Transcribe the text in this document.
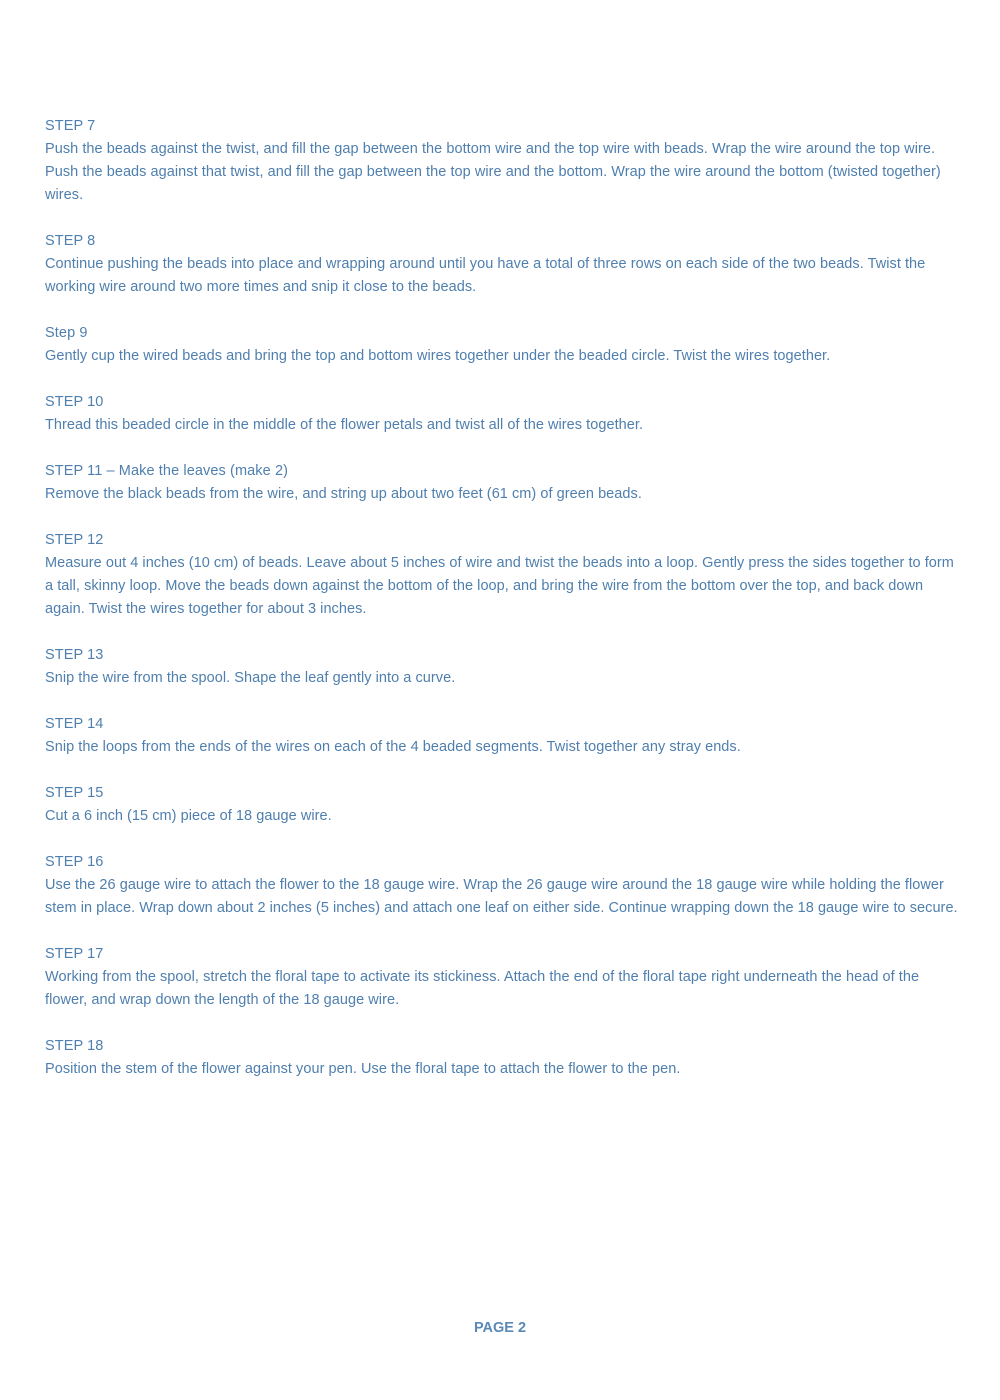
STEP 7
Push the beads against the twist, and fill the gap between the bottom wire and the top wire with beads. Wrap the wire around the top wire. Push the beads against that twist, and fill the gap between the top wire and the bottom. Wrap the wire around the bottom (twisted together) wires.
STEP 8
Continue pushing the beads into place and wrapping around until you have a total of three rows on each side of the two beads. Twist the working wire around two more times and snip it close to the beads.
Step 9
Gently cup the wired beads and bring the top and bottom wires together under the beaded circle. Twist the wires together.
STEP 10
Thread this beaded circle in the middle of the flower petals and twist all of the wires together.
STEP 11 – Make the leaves (make 2)
Remove the black beads from the wire, and string up about two feet (61 cm) of green beads.
STEP 12
Measure out 4 inches (10 cm) of beads. Leave about 5 inches of wire and twist the beads into a loop. Gently press the sides together to form a tall, skinny loop. Move the beads down against the bottom of the loop, and bring the wire from the bottom over the top, and back down again. Twist the wires together for about 3 inches.
STEP 13
Snip the wire from the spool. Shape the leaf gently into a curve.
STEP 14
Snip the loops from the ends of the wires on each of the 4 beaded segments. Twist together any stray ends.
STEP 15
Cut a 6 inch (15 cm) piece of 18 gauge wire.
STEP 16
Use the 26 gauge wire to attach the flower to the 18 gauge wire. Wrap the 26 gauge wire around the 18 gauge wire while holding the flower stem in place. Wrap down about 2 inches (5 inches) and attach one leaf on either side. Continue wrapping down the 18 gauge wire to secure.
STEP 17
Working from the spool, stretch the floral tape to activate its stickiness. Attach the end of the floral tape right underneath the head of the flower, and wrap down the length of the 18 gauge wire.
STEP 18
Position the stem of the flower against your pen. Use the floral tape to attach the flower to the pen.
PAGE 2
